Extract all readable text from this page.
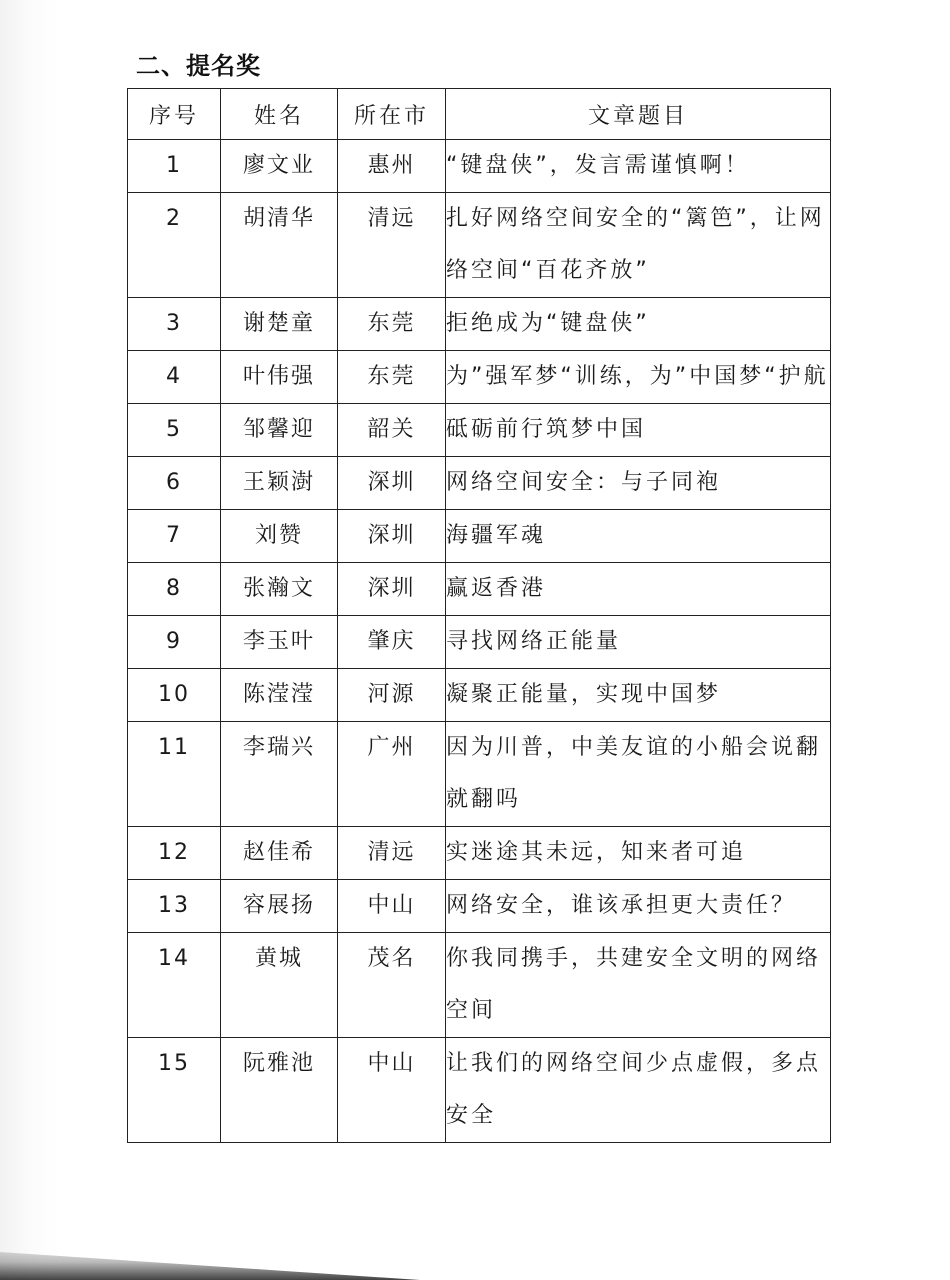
二、提名奖
序号	姓名	所在市	文章题目
1	廖文业	惠州	“键盘侠”，发言需谨慎啊！
2	胡清华	清远	扎好网络空间安全的“篱笆”，让网络空间“百花齐放”
3	谢楚童	东莞	拒绝成为“键盘侠”
4	叶伟强	东莞	为”强军梦“训练，为”中国梦“护航
5	邹馨迎	韶关	砥砺前行筑梦中国
6	王颖澍	深圳	网络空间安全：与子同袍
7	刘赞	深圳	海疆军魂
8	张瀚文	深圳	赢返香港
9	李玉叶	肇庆	寻找网络正能量
10	陈滢滢	河源	凝聚正能量，实现中国梦
11	李瑞兴	广州	因为川普，中美友谊的小船会说翻就翻吗
12	赵佳希	清远	实迷途其未远，知来者可追
13	容展扬	中山	网络安全，谁该承担更大责任？
14	黄城	茂名	你我同携手，共建安全文明的网络空间
15	阮雅池	中山	让我们的网络空间少点虚假，多点安全
